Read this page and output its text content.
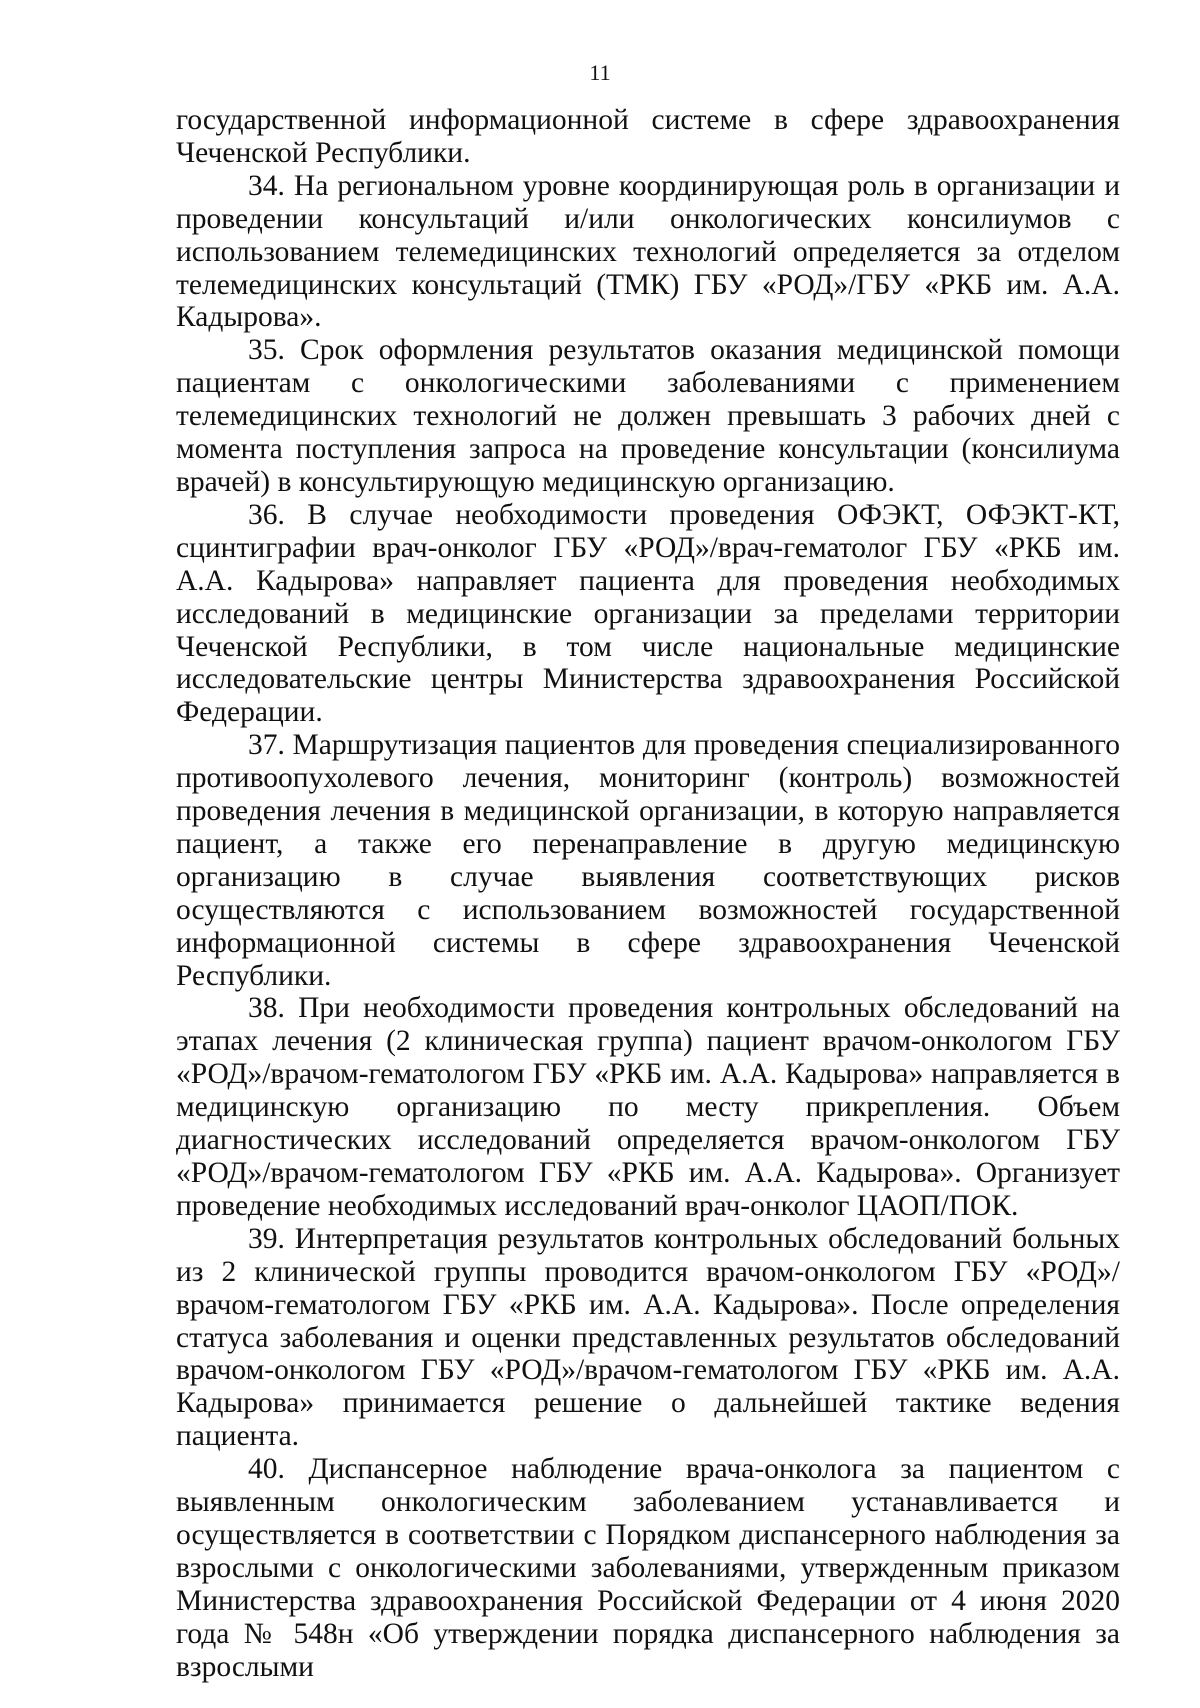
11

государственной информационной системе в сфере здравоохранения Чеченской Республики.

34. На региональном уровне координирующая роль в организации и проведении консультаций и/или онкологических консилиумов с использованием телемедицинских технологий определяется за отделом телемедицинских консультаций (ТМК) ГБУ «РОД»/ГБУ «РКБ им. А.А. Кадырова».

35. Срок оформления результатов оказания медицинской помощи пациентам с онкологическими заболеваниями с применением телемедицинских технологий не должен превышать 3 рабочих дней с момента поступления запроса на проведение консультации (консилиума врачей) в консультирующую медицинскую организацию.

36. В случае необходимости проведения ОФЭКТ, ОФЭКТ-КТ, сцинтиграфии врач-онколог ГБУ «РОД»/врач-гематолог ГБУ «РКБ им. А.А. Кадырова» направляет пациента для проведения необходимых исследований в медицинские организации за пределами территории Чеченской Республики, в том числе национальные медицинские исследовательские центры Министерства здравоохранения Российской Федерации.

37. Маршрутизация пациентов для проведения специализированного противоопухолевого лечения, мониторинг (контроль) возможностей проведения лечения в медицинской организации, в которую направляется пациент, а также его перенаправление в другую медицинскую организацию в случае выявления соответствующих рисков осуществляются с использованием возможностей государственной информационной системы в сфере здравоохранения Чеченской Республики.

38. При необходимости проведения контрольных обследований на этапах лечения (2 клиническая группа) пациент врачом-онкологом ГБУ «РОД»/врачом-гематологом ГБУ «РКБ им. А.А. Кадырова» направляется в медицинскую организацию по месту прикрепления. Объем диагностических исследований определяется врачом-онкологом ГБУ «РОД»/врачом-гематологом ГБУ «РКБ им. А.А. Кадырова». Организует проведение необходимых исследований врач-онколог ЦАОП/ПОК.

39. Интерпретация результатов контрольных обследований больных из 2 клинической группы проводится врачом-онкологом ГБУ «РОД»/врачом-гематологом ГБУ «РКБ им. А.А. Кадырова». После определения статуса заболевания и оценки представленных результатов обследований врачом-онкологом ГБУ «РОД»/врачом-гематологом ГБУ «РКБ им. А.А. Кадырова» принимается решение о дальнейшей тактике ведения пациента.

40. Диспансерное наблюдение врача-онколога за пациентом с выявленным онкологическим заболеванием устанавливается и осуществляется в соответствии с Порядком диспансерного наблюдения за взрослыми с онкологическими заболеваниями, утвержденным приказом Министерства здравоохранения Российской Федерации от 4 июня 2020 года № 548н «Об утверждении порядка диспансерного наблюдения за взрослыми
